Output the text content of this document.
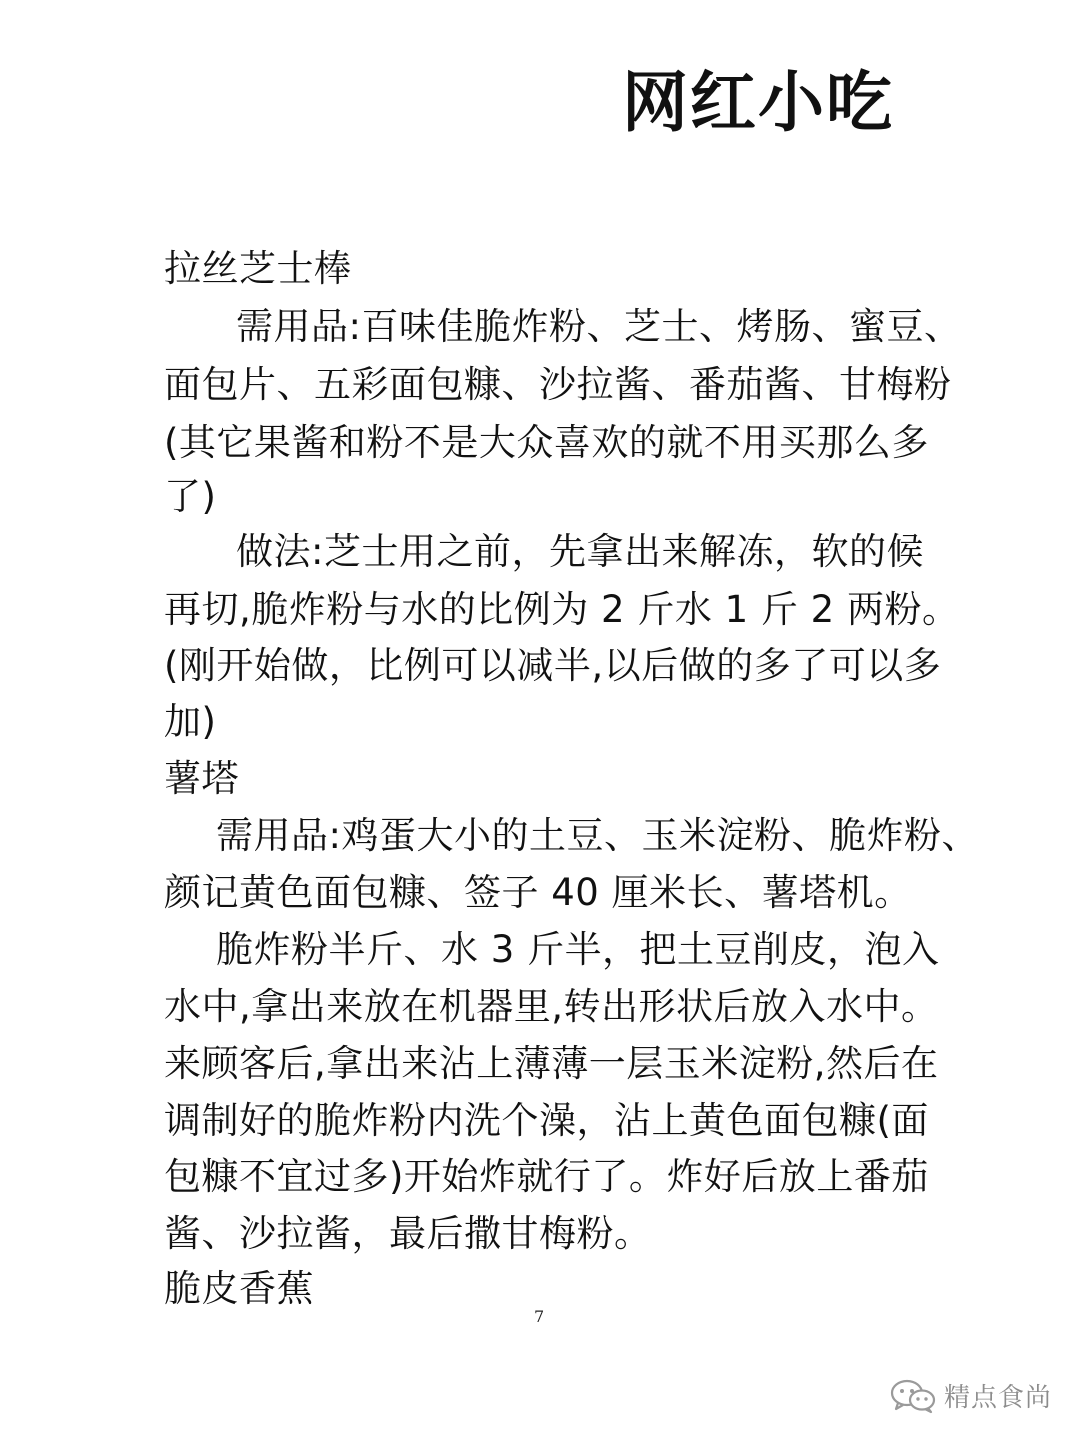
网红小吃
拉丝芝士棒
需用品:百味佳脆炸粉、芝士、烤肠、蜜豆、
面包片、五彩面包糠、沙拉酱、番茄酱、甘梅粉
(其它果酱和粉不是大众喜欢的就不用买那么多
了)
做法:芝士用之前，先拿出来解冻，软的候
再切,脆炸粉与水的比例为 2 斤水 1 斤 2 两粉。
(刚开始做，比例可以减半,以后做的多了可以多
加)
薯塔
需用品:鸡蛋大小的土豆、玉米淀粉、脆炸粉、
颜记黄色面包糠、签子 40 厘米长、薯塔机。
脆炸粉半斤、水 3 斤半，把土豆削皮，泡入
水中,拿出来放在机器里,转出形状后放入水中。
来顾客后,拿出来沾上薄薄一层玉米淀粉,然后在
调制好的脆炸粉内洗个澡，沾上黄色面包糠(面
包糠不宜过多)开始炸就行了。炸好后放上番茄
酱、沙拉酱，最后撒甘梅粉。
脆皮香蕉
7
精点食尚
